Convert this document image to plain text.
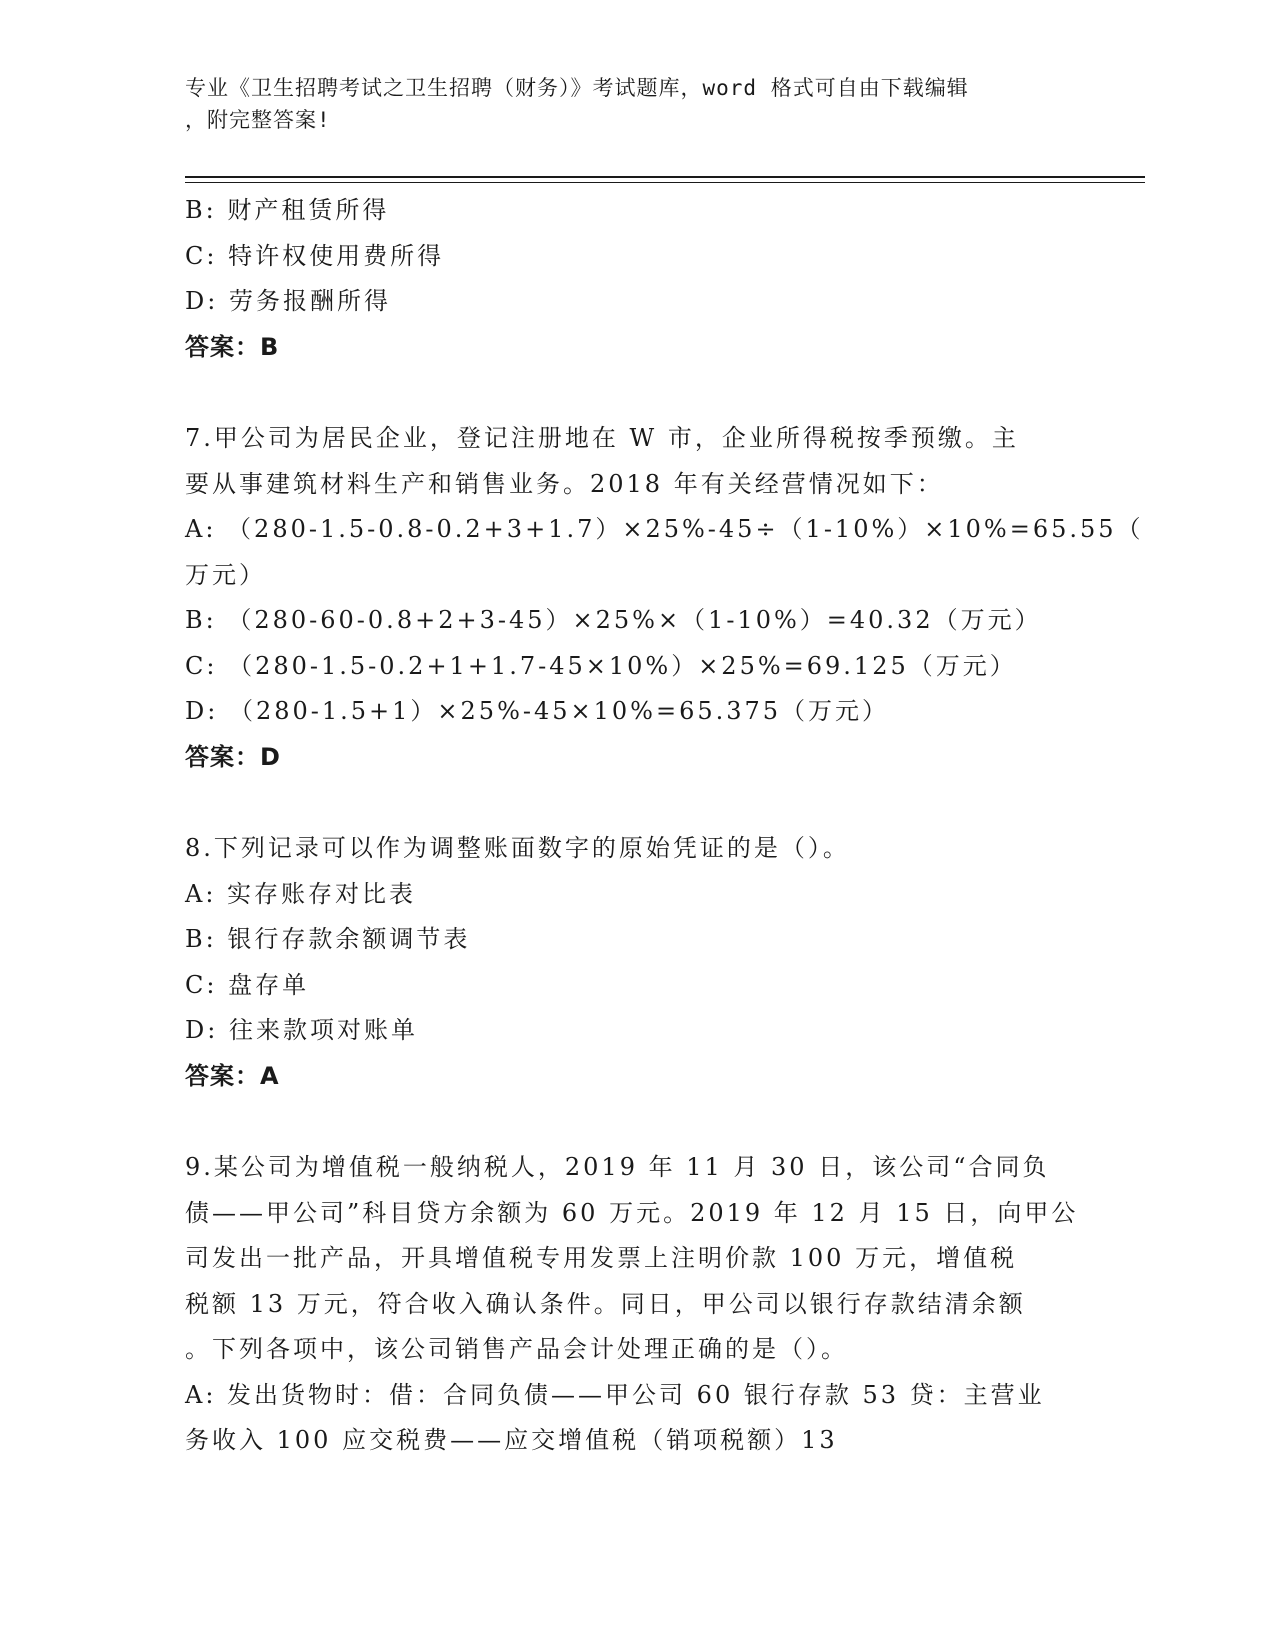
专业《卫生招聘考试之卫生招聘（财务）》考试题库，word 格式可自由下载编辑
，附完整答案!
B: 财产租赁所得
C: 特许权使用费所得
D: 劳务报酬所得
答案：B
7.甲公司为居民企业，登记注册地在 W 市，企业所得税按季预缴。主
要从事建筑材料生产和销售业务。2018 年有关经营情况如下：
A: （280-1.5-0.8-0.2+3+1.7）×25%-45÷（1-10%）×10%=65.55（
万元）
B: （280-60-0.8+2+3-45）×25%×（1-10%）=40.32（万元）
C: （280-1.5-0.2+1+1.7-45×10%）×25%=69.125（万元）
D: （280-1.5+1）×25%-45×10%=65.375（万元）
答案：D
8.下列记录可以作为调整账面数字的原始凭证的是（）。
A: 实存账存对比表
B: 银行存款余额调节表
C: 盘存单
D: 往来款项对账单
答案：A
9.某公司为增值税一般纳税人，2019 年 11 月 30 日，该公司“合同负
债——甲公司”科目贷方余额为 60 万元。2019 年 12 月 15 日，向甲公
司发出一批产品，开具增值税专用发票上注明价款 100 万元，增值税
税额 13 万元，符合收入确认条件。同日，甲公司以银行存款结清余额
。下列各项中，该公司销售产品会计处理正确的是（）。
A: 发出货物时：借：合同负债——甲公司 60 银行存款 53 贷：主营业
务收入 100 应交税费——应交增值税（销项税额）13
